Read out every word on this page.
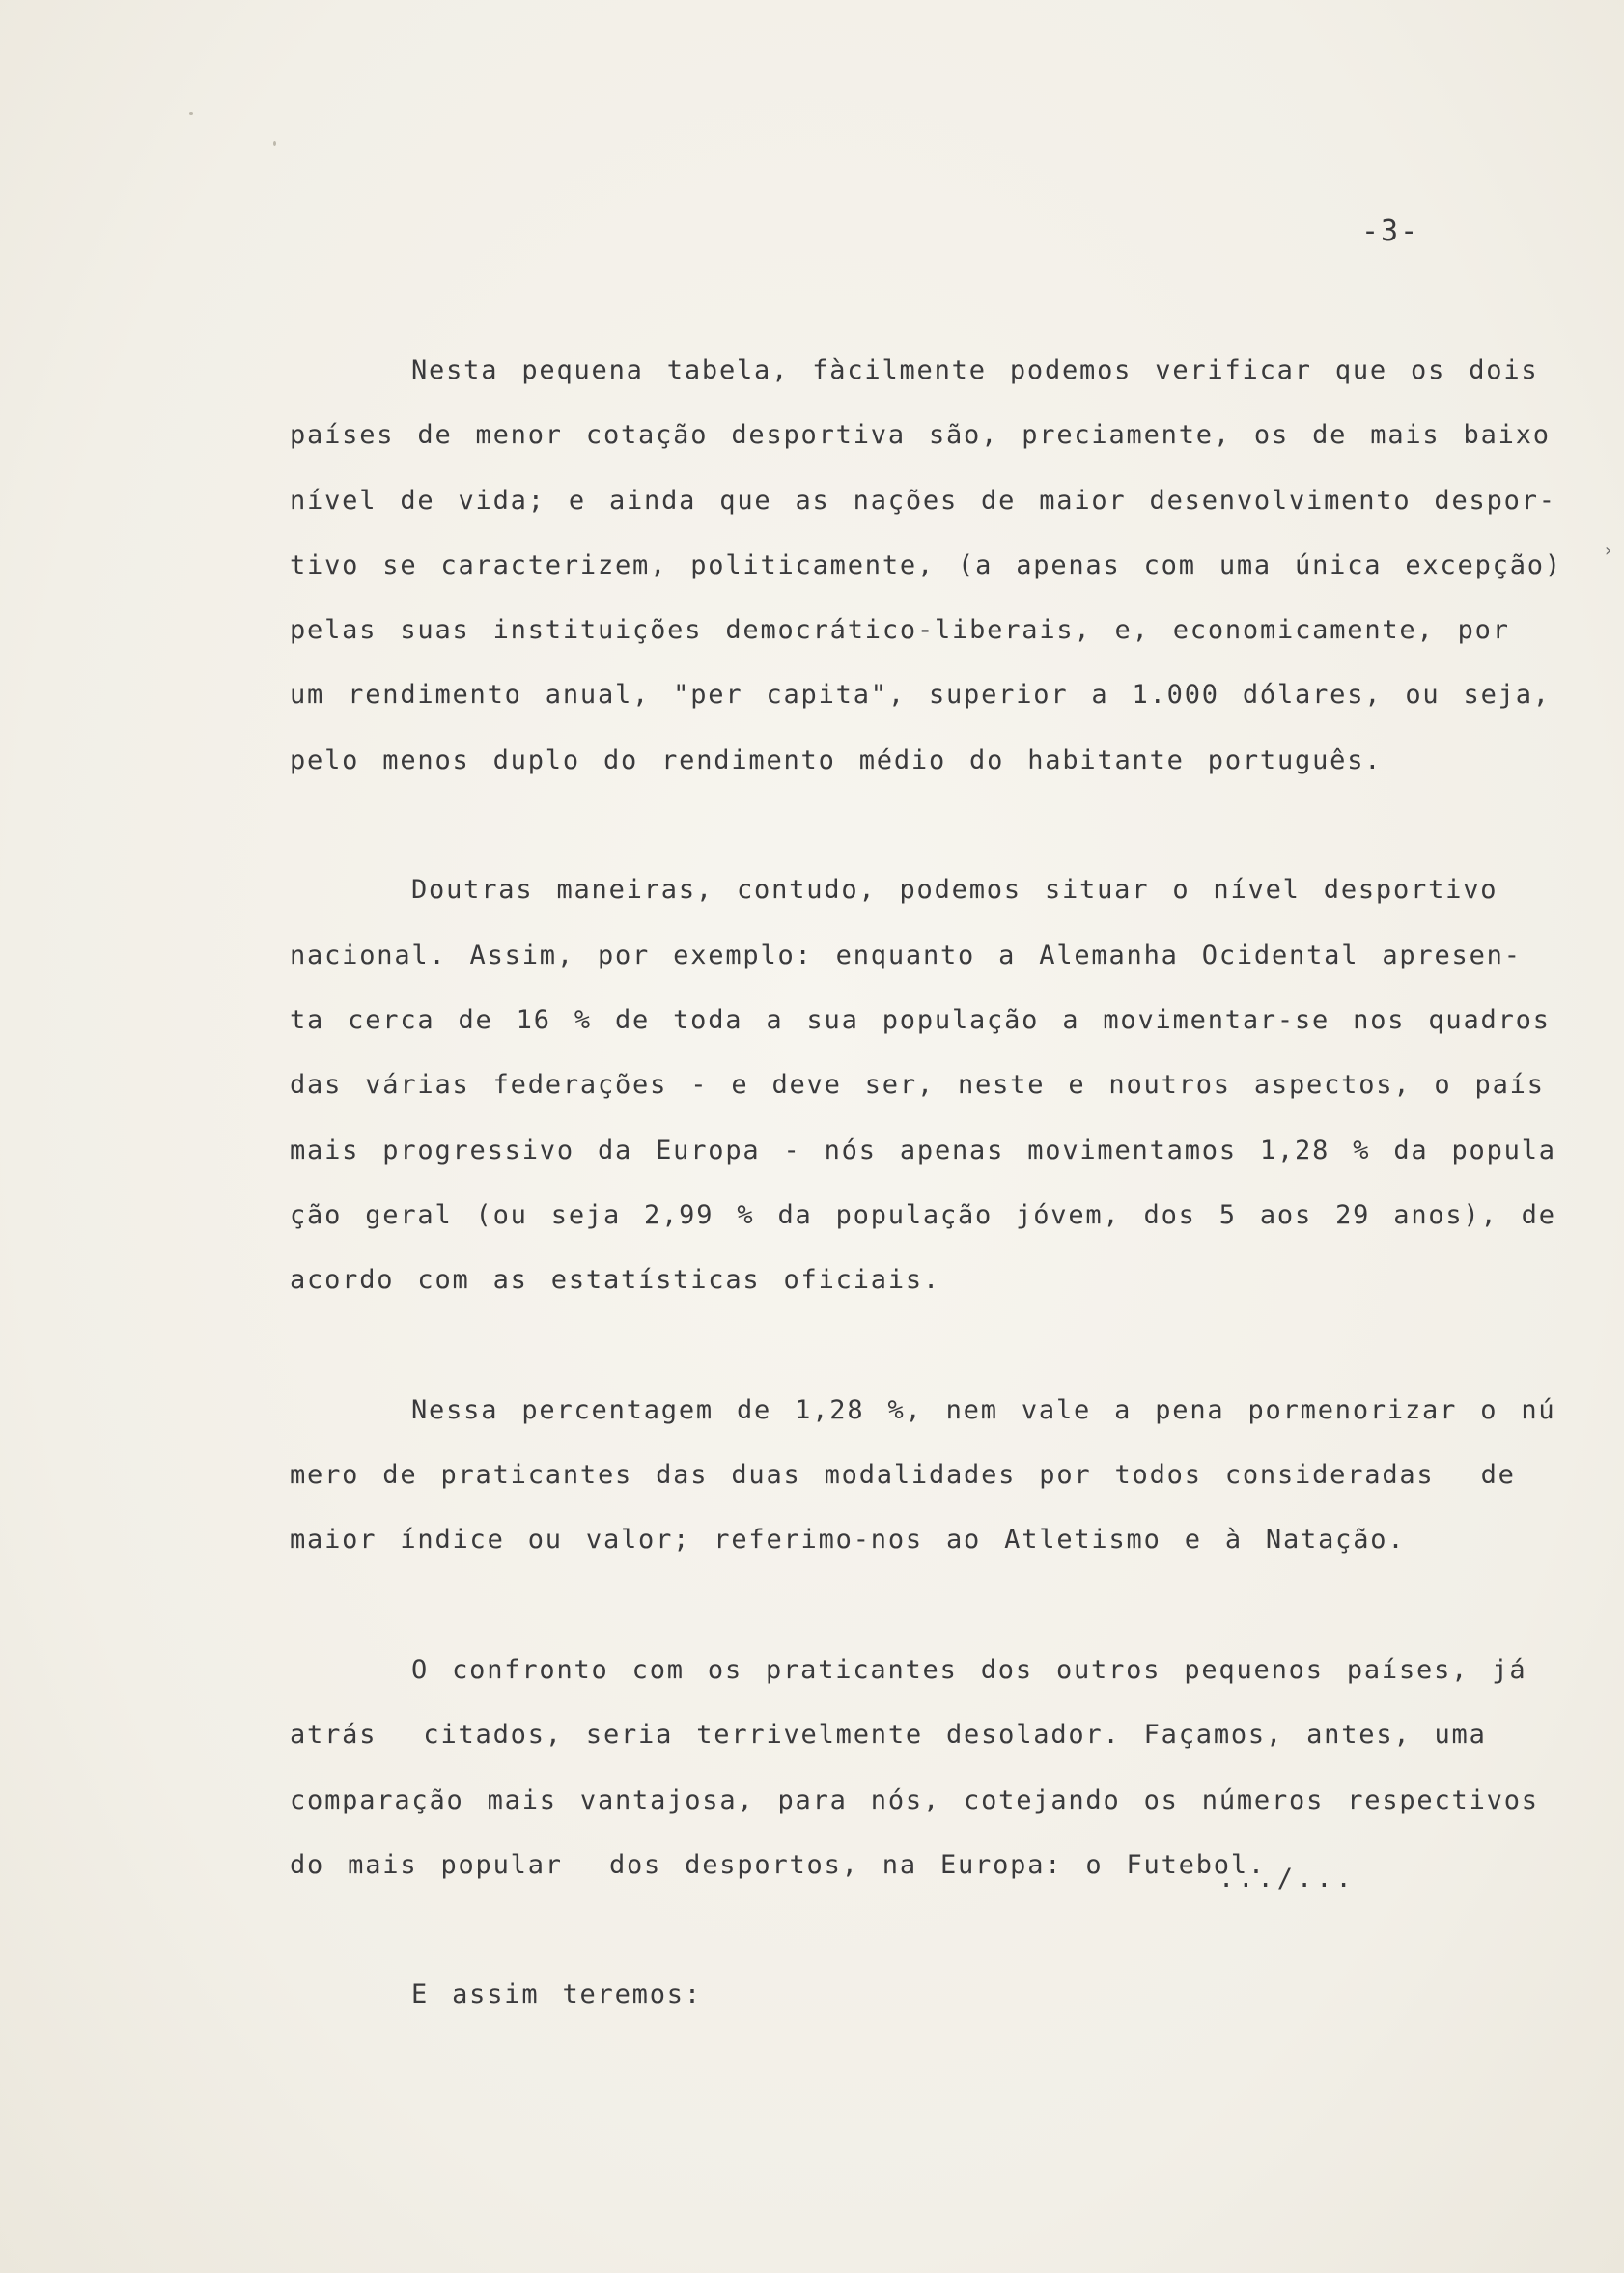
-3-
›
Nesta pequena tabela, fàcilmente podemos verificar que os dois
países de menor cotação desportiva são, preciamente, os de mais baixo
nível de vida; e ainda que as nações de maior desenvolvimento despor-
tivo se caracterizem, politicamente, (a apenas com uma única excepção)
pelas suas instituições democrático-liberais, e, economicamente, por
um rendimento anual, "per capita", superior a 1.000 dólares, ou seja,
pelo menos duplo do rendimento médio do habitante português.
Doutras maneiras, contudo, podemos situar o nível desportivo
nacional. Assim, por exemplo: enquanto a Alemanha Ocidental apresen-
ta cerca de 16 % de toda a sua população a movimentar-se nos quadros
das várias federações - e deve ser, neste e noutros aspectos, o país
mais progressivo da Europa - nós apenas movimentamos 1,28 % da popula
ção geral (ou seja 2,99 % da população jóvem, dos 5 aos 29 anos), de
acordo com as estatísticas oficiais.
Nessa percentagem de 1,28 %, nem vale a pena pormenorizar o nú
mero de praticantes das duas modalidades por todos consideradas  de
maior índice ou valor; referimo-nos ao Atletismo e à Natação.
O confronto com os praticantes dos outros pequenos países, já
atrás  citados, seria terrivelmente desolador. Façamos, antes, uma
comparação mais vantajosa, para nós, cotejando os números respectivos
do mais popular  dos desportos, na Europa: o Futebol.
E assim teremos:
.../...
